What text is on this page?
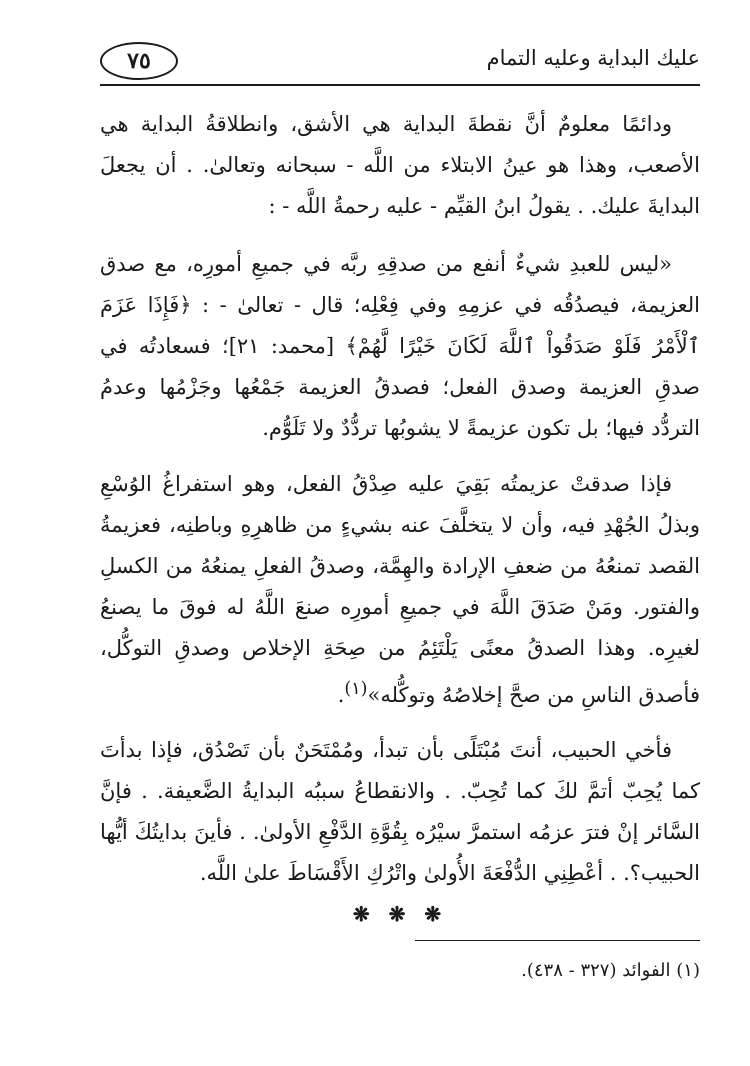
عليك البداية وعليه التمام
٧٥

ودائمًا معلومٌ أنَّ نقطةَ البداية هي الأشق، وانطلاقةُ البداية هي الأصعب، وهذا هو عينُ الابتلاء من اللَّه - سبحانه وتعالىٰ. . أن يجعلَ البدايةَ عليك. . يقولُ ابنُ القيِّم - عليه رحمةُ اللَّه - :

«ليس للعبدِ شيءٌ أنفع من صدقِهِ ربَّه في جميعِ أمورِه، مع صدق العزيمة، فيصدُقُه في عزمِهِ وفي فِعْلِه؛ قال - تعالىٰ - : ﴿فَإِذَا عَزَمَ ٱلْأَمْرُ فَلَوْ صَدَقُواْ ٱللَّهَ لَكَانَ خَيْرًا لَّهُمْ﴾ [محمد: ٢١]؛ فسعادتُه في صدقِ العزيمة وصدق الفعل؛ فصدقُ العزيمة جَمْعُها وجَزْمُها وعدمُ التردُّد فيها؛ بل تكون عزيمةً لا يشوبُها تردُّدٌ ولا تَلَوُّم.

فإذا صدقتْ عزيمتُه بَقِيَ عليه صِدْقُ الفعل، وهو استفراغُ الوُسْعِ وبذلُ الجُهْدِ فيه، وأن لا يتخلَّفَ عنه بشيءٍ من ظاهرِهِ وباطنِه، فعزيمةُ القصد تمنعُهُ من ضعفِ الإرادة والهِمَّة، وصدقُ الفعلِ يمنعُهُ من الكسلِ والفتور. ومَنْ صَدَقَ اللَّهَ في جميعِ أمورِه صنعَ اللَّهُ له فوقَ ما يصنعُ لغيرِه. وهذا الصدقُ معنًى يَلْتَئِمُ من صِحَةِ الإخلاص وصدقِ التوكُّل، فأصدق الناسِ من صحَّ إخلاصُهُ وتوكُّله»$^{(١)}$.

فأخي الحبيب، أنتَ مُبْتَلًى بأن تبدأ، ومُمْتَحَنٌ بأن تَصْدُق، فإذا بدأتَ كما يُحِبّ أتمَّ لكَ كما تُحِبّ. . والانقطاعُ سببُه البدايةُ الضَّعيفة. . فإنَّ السَّائر إنْ فترَ عزمُه استمرَّ سيْرُه بِقُوَّةِ الدَّفْعِ الأولىٰ. . فأينَ بدايتُكَ أيُّها الحبيب؟. . أعْطِنِي الدُّفْعَةَ الأُولىٰ واتْرُكِ الأَقْسَاطَ علىٰ اللَّه.

❋ ❋ ❋
(١) الفوائد (٣٢٧ - ٤٣٨).
